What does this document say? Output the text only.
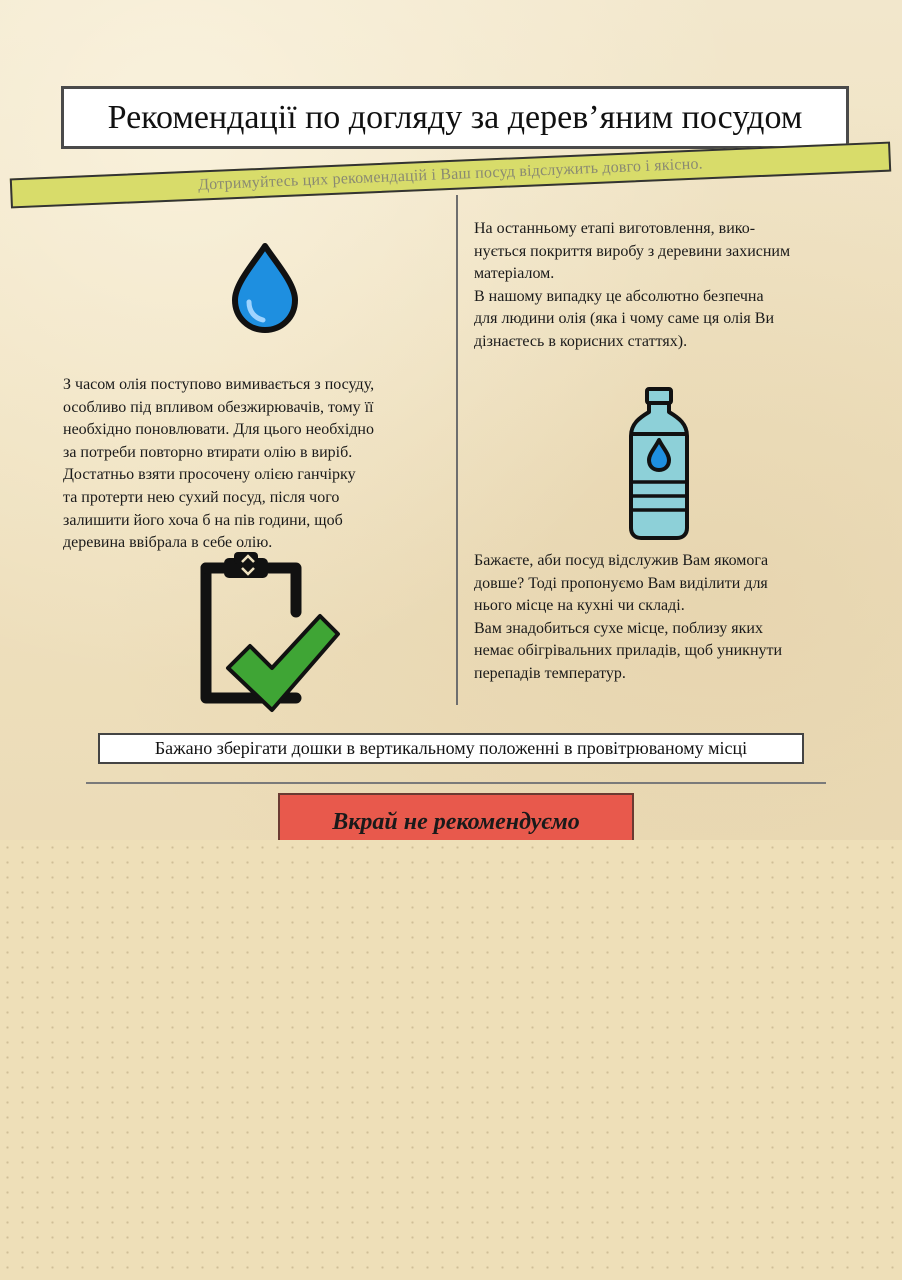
Рекомендації по догляду за дерев’яним посудом
Дотримуйтесь цих рекомендацій і Ваш посуд відслужить довго і якісно.
З часом олія поступово вимивається з посуду,
особливо під впливом обезжирювачів, тому її
необхідно поновлювати. Для цього необхідно
за потреби повторно втирати олію в виріб.
Достатньо взяти просочену олією ганчірку
та протерти нею сухий посуд, після чого
залишити його хоча б на пів години, щоб
деревина ввібрала в себе олію.
На останньому етапі виготовлення, вико-
нується покриття виробу з деревини захисним
матеріалом.
В нашому випадку це абсолютно безпечна
для людини олія (яка і чому саме ця олія Ви
дізнаєтесь в корисних статтях).
Бажаєте, аби посуд відслужив Вам якомога
довше? Тоді пропонуємо Вам виділити для
нього місце на кухні чи складі.
Вам знадобиться сухе місце, поблизу яких
немає обігрівальних приладів, щоб уникнути
перепадів температур.
Бажано зберігати дошки в вертикальному положенні в провітрюваному місці
Вкрай не рекомендуємо
